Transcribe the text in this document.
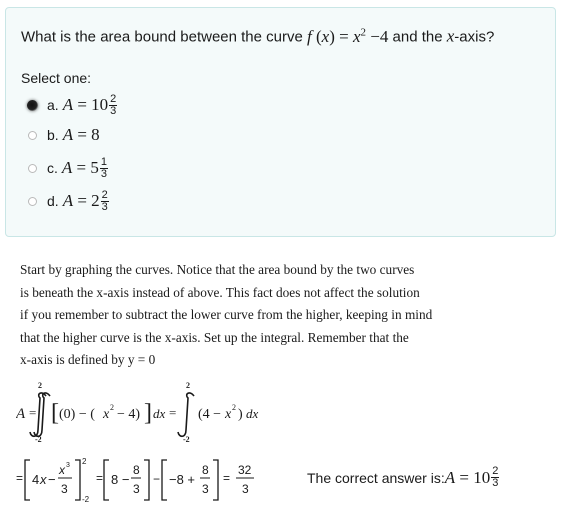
What is the area bound between the curve f $(x) = x^2 -4$ and the x-axis?
Select one:
a. $A = 10 \frac{2}{3}$
b. A = 8
c. $A = 5 \frac{1}{3}$
d. $A = 2 \frac{2}{3}$
Start by graphing the curves. Notice that the area bound by the two curves
is beneath the x-axis instead of above. This fact does not affect the solution
if you remember to subtract the lower curve from the higher, keeping in mind
that the higher curve is the x-axis. Set up the integral. Remember that the
x-axis is defined by y = 0
A =
2
-2
[ (0) − ( x 2 − 4) ] dx =
2
-2
(4 − x 2 ) dx
= 4 x −
x 3
3
2
-2
= 8 −
8
3
− −8 +
8
3
=
32
3
The correct answer is: $A = 10 \frac{2}{3}$
